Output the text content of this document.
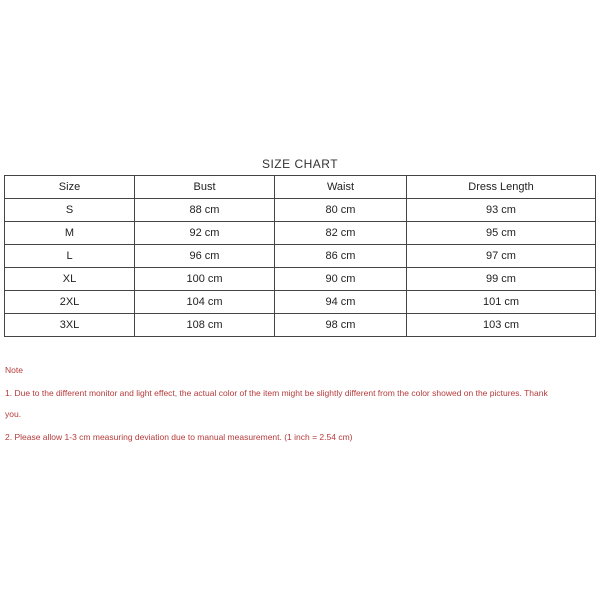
SIZE CHART
Size	Bust	Waist	Dress Length
S	88 cm	80 cm	93 cm
M	92 cm	82 cm	95 cm
L	96 cm	86 cm	97 cm
XL	100 cm	90 cm	99 cm
2XL	104 cm	94 cm	101 cm
3XL	108 cm	98 cm	103 cm
Note
1. Due to the different monitor and light effect, the actual color of the item might be slightly different from the color showed on the pictures. Thank
you.
2. Please allow 1-3 cm measuring deviation due to manual measurement. (1 inch = 2.54 cm)
